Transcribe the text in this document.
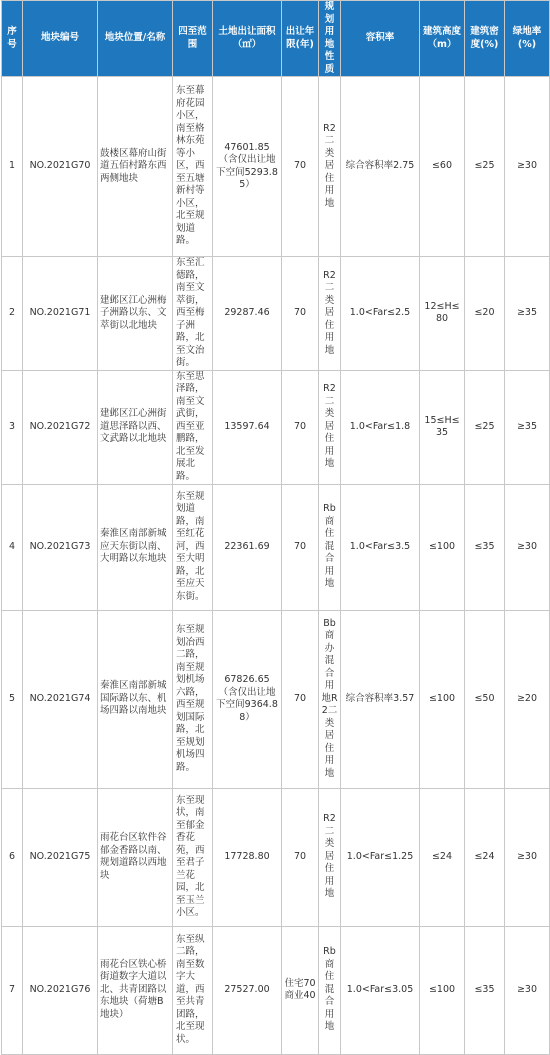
序号	地块编号	地块位置/名称	四至范围	土地出让面积（㎡）	出让年限(年)	规划用地性质	容积率	建筑高度（m）	建筑密度(%)	绿地率(%)
1	NO.2021G70	鼓楼区幕府山街道五佰村路东西两侧地块	东至幕府花园小区，南至格林东苑等小区，西至五塘新村等小区，北至规划道路。	47601.85（含仅出让地下空间5293.85）	70	R2二类居住用地	综合容积率2.75	≤60	≤25	≥30
2	NO.2021G71	建邺区江心洲梅子洲路以东、文萃街以北地块	东至汇德路，南至文萃街，西至梅子洲路，北至文治街。	29287.46	70	R2二类居住用地	1.0<Far≤2.5	12≤H≤80	≤20	≥35
3	NO.2021G72	建邺区江心洲街道思泽路以西、文武路以北地块	东至思泽路，南至文武街，西至亚鹏路，北至发展北路。	13597.64	70	R2二类居住用地	1.0<Far≤1.8	15≤H≤35	≤25	≥35
4	NO.2021G73	秦淮区南部新城应天东街以南、大明路以东地块	东至规划道路，南至红花河，西至大明路，北至应天东街。	22361.69	70	Rb商住混合用地	1.0<Far≤3.5	≤100	≤35	≥30
5	NO.2021G74	秦淮区南部新城国际路以东、机场四路以南地块	东至规划冶西二路，南至规划机场六路，西至规划国际路，北至规划机场四路。	67826.65（含仅出让地下空间9364.88）	70	Bb商办混合用地R2二类居住用地	综合容积率3.57	≤100	≤50	≥20
6	NO.2021G75	雨花台区软件谷郁金香路以南、规划道路以西地块	东至现状，南至郁金香花苑，西至君子兰花园，北至玉兰小区。	17728.80	70	R2二类居住用地	1.0<Far≤1.25	≤24	≤24	≥30
7	NO.2021G76	雨花台区铁心桥街道数字大道以北、共青团路以东地块（荷塘B地块）	东至纵二路，南至数字大道，西至共青团路，北至现状。	27527.00	住宅70 商业40	Rb商住混合用地	1.0<Far≤3.05	≤100	≤35	≥30
